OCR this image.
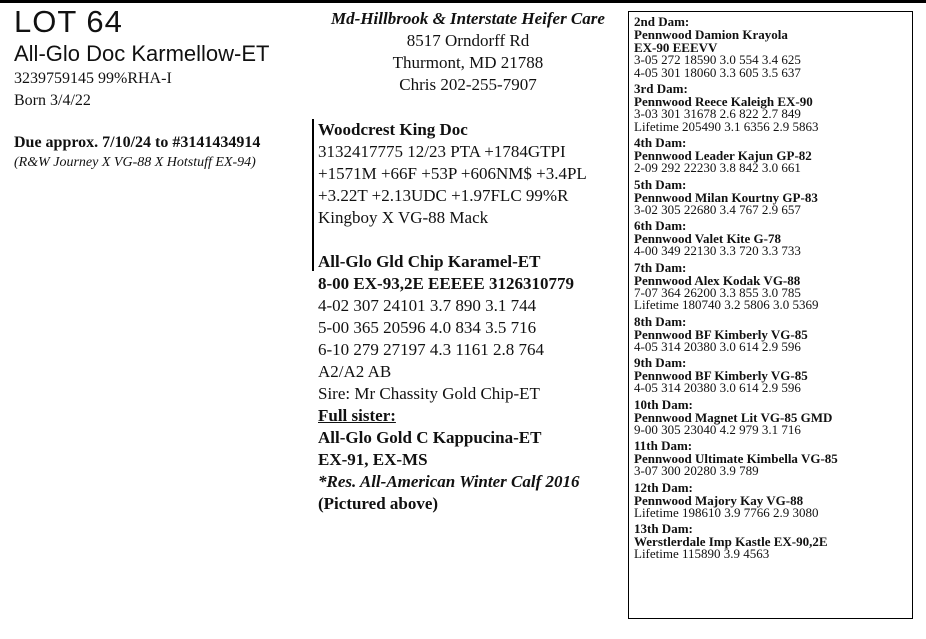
LOT 64
All-Glo Doc Karmellow-ET
3239759145 99%RHA-I
Born 3/4/22
Due approx. 7/10/24 to #3141434914
(R&W Journey X VG-88 X Hotstuff EX-94)
Md-Hillbrook & Interstate Heifer Care
8517 Orndorff Rd
Thurmont, MD 21788
Chris 202-255-7907
Woodcrest King Doc
3132417775 12/23 PTA +1784GTPI
+1571M +66F +53P +606NM$ +3.4PL
+3.22T +2.13UDC +1.97FLC 99%R
Kingboy X VG-88 Mack
All-Glo Gld Chip Karamel-ET
8-00 EX-93,2E EEEEE 3126310779
4-02 307 24101 3.7 890 3.1 744
5-00 365 20596 4.0 834 3.5 716
6-10 279 27197 4.3 1161 2.8 764
A2/A2 AB
Sire: Mr Chassity Gold Chip-ET
Full sister:
All-Glo Gold C Kappucina-ET
EX-91, EX-MS
*Res. All-American Winter Calf 2016
(Pictured above)
2nd Dam:
Pennwood Damion Krayola
EX-90 EEEVV
3-05 272 18590 3.0 554 3.4 625
4-05 301 18060 3.3 605 3.5 637
3rd Dam:
Pennwood Reece Kaleigh EX-90
3-03 301 31678 2.6 822 2.7 849
Lifetime 205490 3.1 6356 2.9 5863
4th Dam:
Pennwood Leader Kajun GP-82
2-09 292 22230 3.8 842 3.0 661
5th Dam:
Pennwood Milan Kourtny GP-83
3-02 305 22680 3.4 767 2.9 657
6th Dam:
Pennwood Valet Kite G-78
4-00 349 22130 3.3 720 3.3 733
7th Dam:
Pennwood Alex Kodak VG-88
7-07 364 26200 3.3 855 3.0 785
Lifetime 180740 3.2 5806 3.0 5369
8th Dam:
Pennwood BF Kimberly VG-85
4-05 314 20380 3.0 614 2.9 596
9th Dam:
Pennwood BF Kimberly VG-85
4-05 314 20380 3.0 614 2.9 596
10th Dam:
Pennwood Magnet Lit VG-85 GMD
9-00 305 23040 4.2 979 3.1 716
11th Dam:
Pennwood Ultimate Kimbella VG-85
3-07 300 20280 3.9 789
12th Dam:
Pennwood Majory Kay VG-88
Lifetime 198610 3.9 7766 2.9 3080
13th Dam:
Werstlerdale Imp Kastle EX-90,2E
Lifetime 115890 3.9 4563
